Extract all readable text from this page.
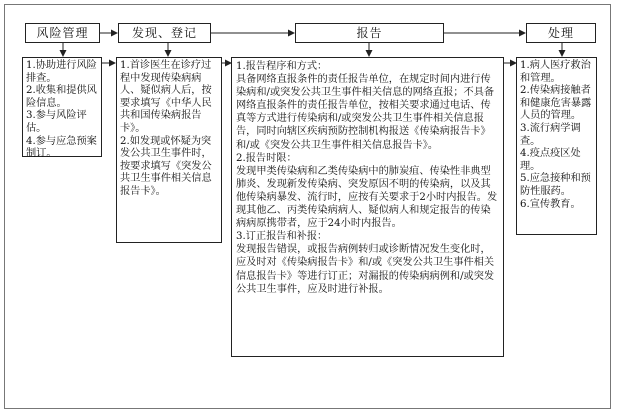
风险管理	发现、登记	报告	处理

1.协助进行风险排查。

2.收集和提供风险信息。

3.参与风险评估。

4.参与应急预案制订。

1.首诊医生在诊疗过程中发现传染病病人、疑似病人后，按要求填写《中华人民共和国传染病报告卡》。

2.如发现或怀疑为突发公共卫生事件时，按要求填写《突发公共卫生事件相关信息报告卡》。

1.报告程序和方式：

具备网络直报条件的责任报告单位，在规定时间内进行传染病和/或突发公共卫生事件相关信息的网络直报；不具备网络直报条件的责任报告单位，按相关要求通过电话、传真等方式进行传染病和/或突发公共卫生事件相关信息报告，同时向辖区疾病预防控制机构报送《传染病报告卡》和/或《突发公共卫生事件相关信息报告卡》。

2.报告时限：

发现甲类传染病和乙类传染病中的肺炭疽、传染性非典型肺炎、发现新发传染病、突发原因不明的传染病，以及其他传染病暴发、流行时，应按有关要求于2小时内报告。发现其他乙、丙类传染病病人、疑似病人和规定报告的传染病病原携带者，应于24小时内报告。

3.订正报告和补报：

发现报告错误，或报告病例转归或诊断情况发生变化时，应及时对《传染病报告卡》和/或《突发公共卫生事件相关信息报告卡》等进行订正；对漏报的传染病病例和/或突发公共卫生事件，应及时进行补报。

1.病人医疗救治和管理。

2.传染病接触者和健康危害暴露人员的管理。

3.流行病学调查。

4.疫点疫区处理。

5.应急接种和预防性服药。

6.宣传教育。
